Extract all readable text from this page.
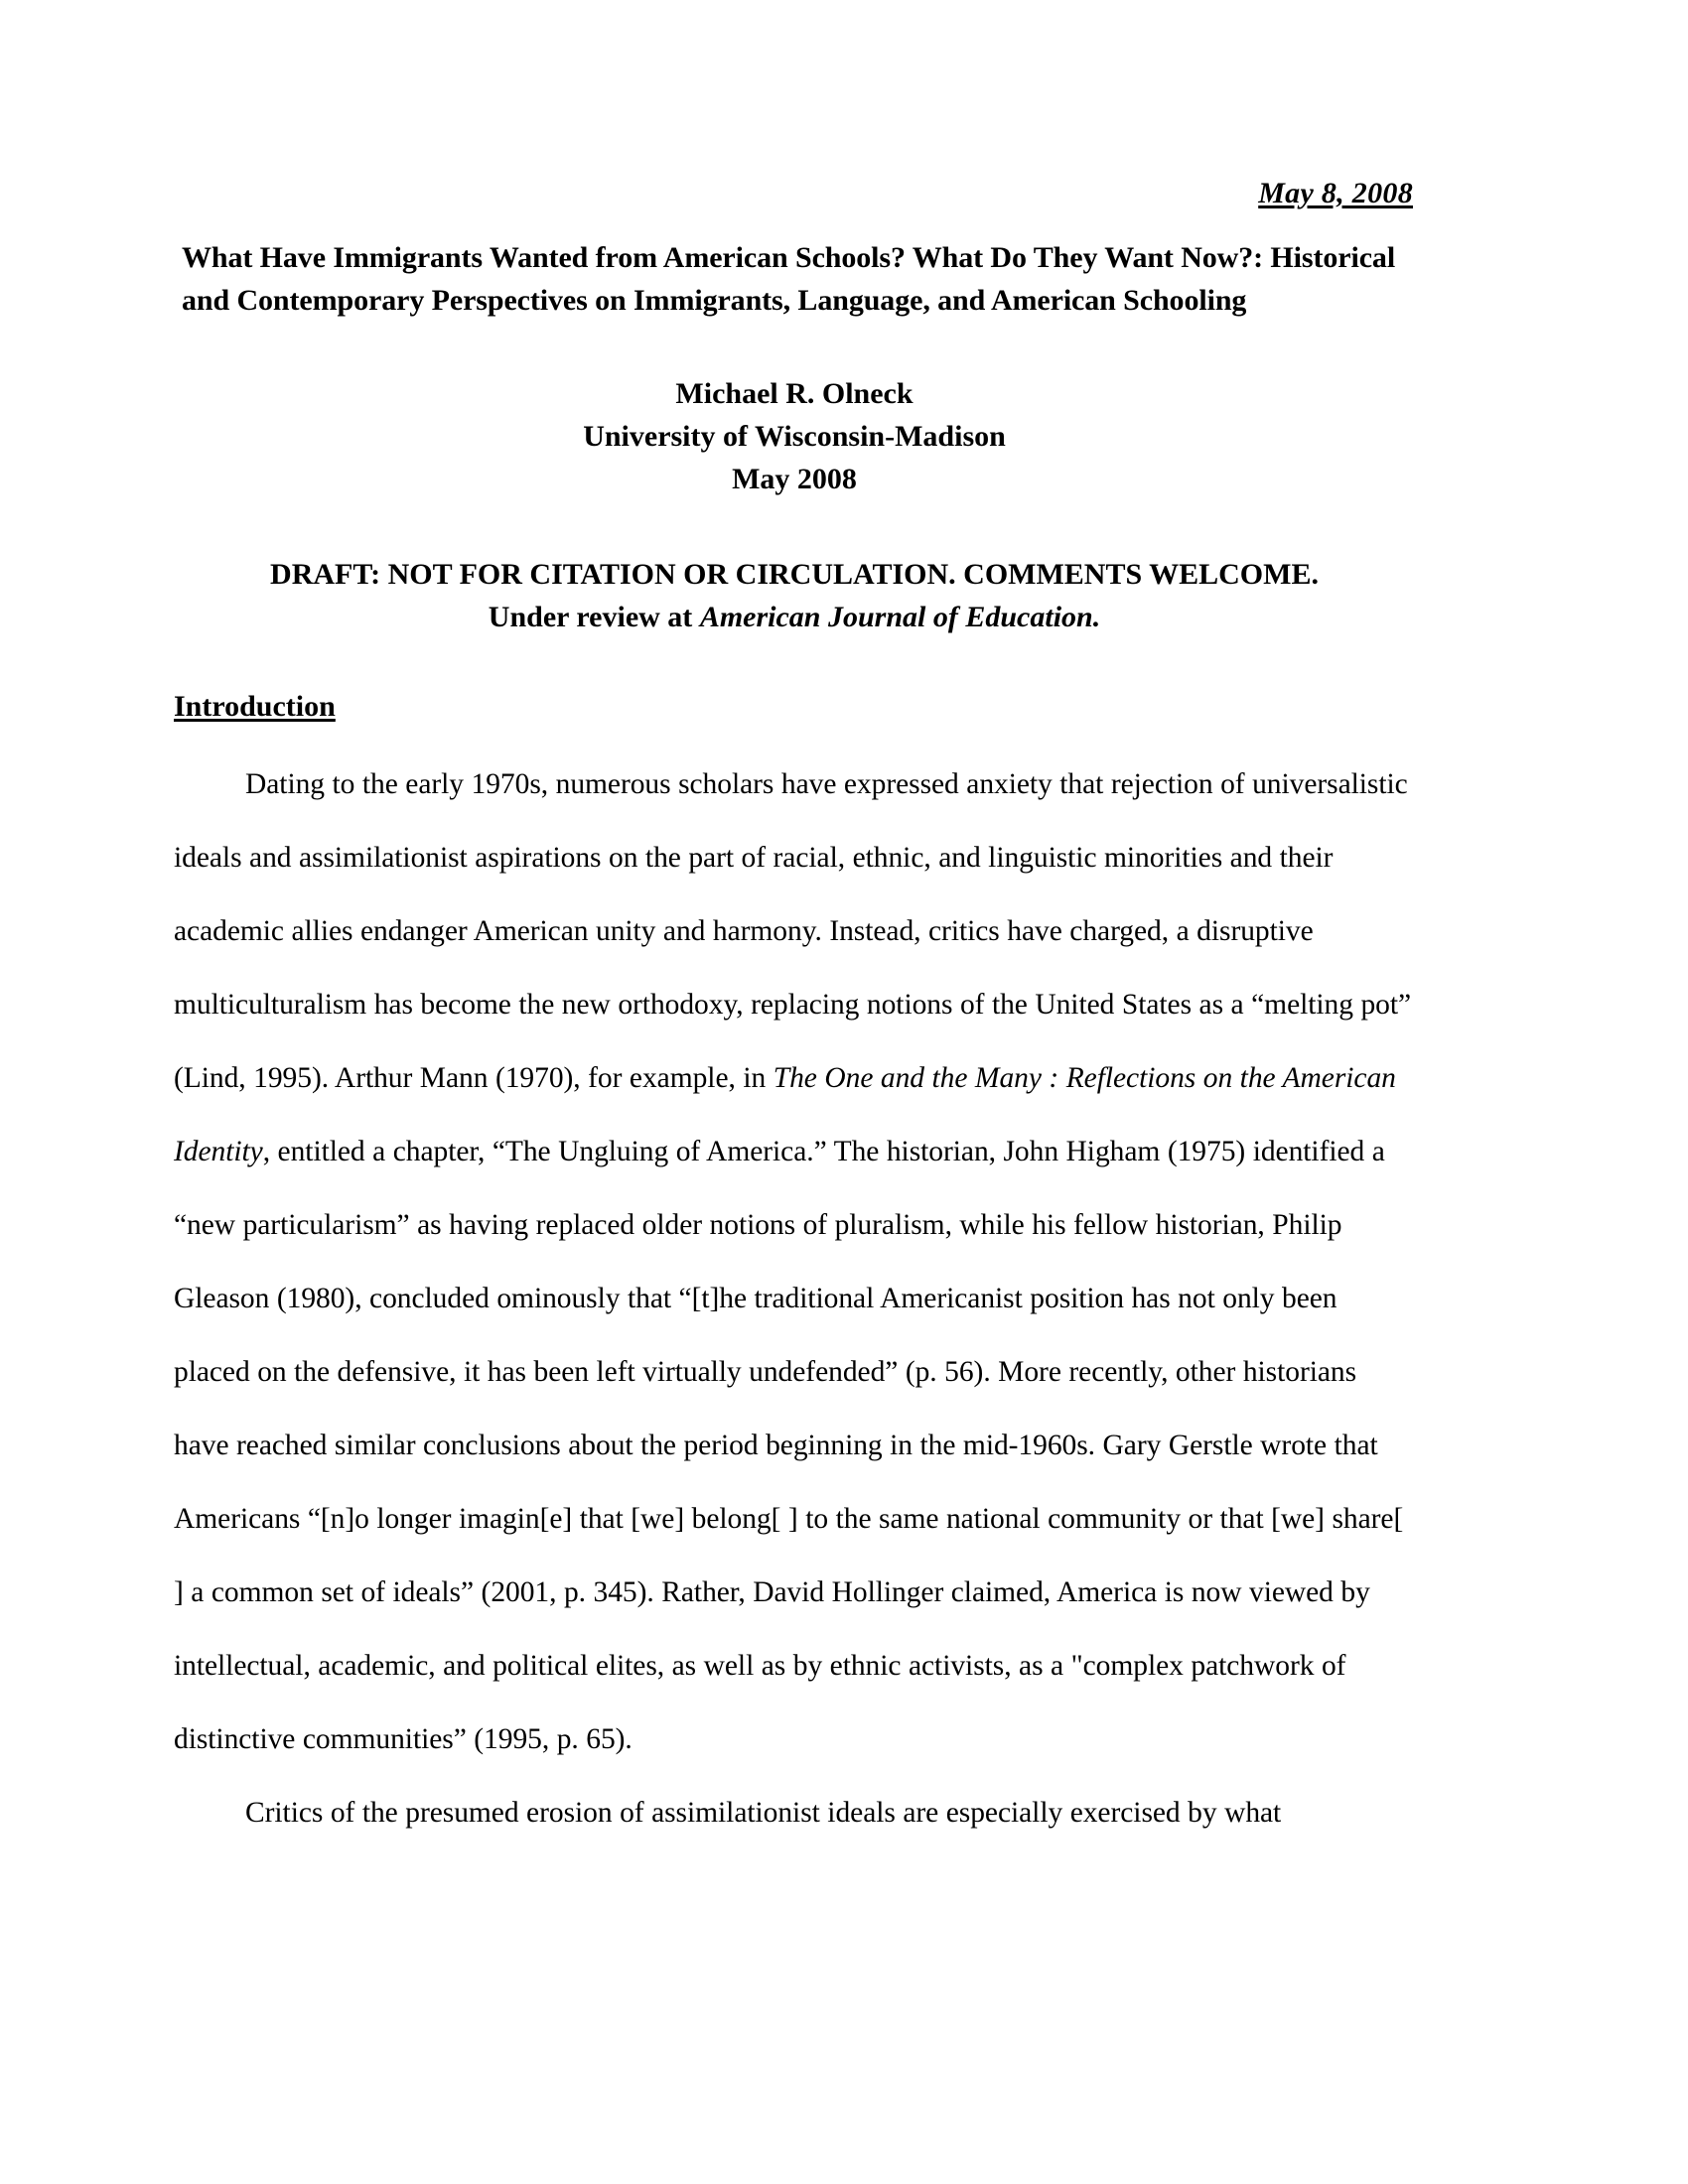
May 8, 2008
What Have Immigrants Wanted from American Schools? What Do They Want Now?: Historical and Contemporary Perspectives on Immigrants, Language, and American Schooling
Michael R. Olneck
University of Wisconsin-Madison
May 2008
DRAFT: NOT FOR CITATION OR CIRCULATION. COMMENTS WELCOME.
Under review at American Journal of Education.
Introduction

Dating to the early 1970s, numerous scholars have expressed anxiety that rejection of universalistic ideals and assimilationist aspirations on the part of racial, ethnic, and linguistic minorities and their academic allies endanger American unity and harmony. Instead, critics have charged, a disruptive multiculturalism has become the new orthodoxy, replacing notions of the United States as a “melting pot” (Lind, 1995). Arthur Mann (1970), for example, in The One and the Many : Reflections on the American Identity, entitled a chapter, “The Ungluing of America.” The historian, John Higham (1975) identified a “new particularism” as having replaced older notions of pluralism, while his fellow historian, Philip Gleason (1980), concluded ominously that “[t]he traditional Americanist position has not only been placed on the defensive, it has been left virtually undefended” (p. 56). More recently, other historians have reached similar conclusions about the period beginning in the mid-1960s. Gary Gerstle wrote that Americans “[n]o longer imagin[e] that [we] belong[ ] to the same national community or that [we] share[ ] a common set of ideals” (2001, p. 345). Rather, David Hollinger claimed, America is now viewed by intellectual, academic, and political elites, as well as by ethnic activists, as a "complex patchwork of distinctive communities” (1995, p. 65).

Critics of the presumed erosion of assimilationist ideals are especially exercised by what
